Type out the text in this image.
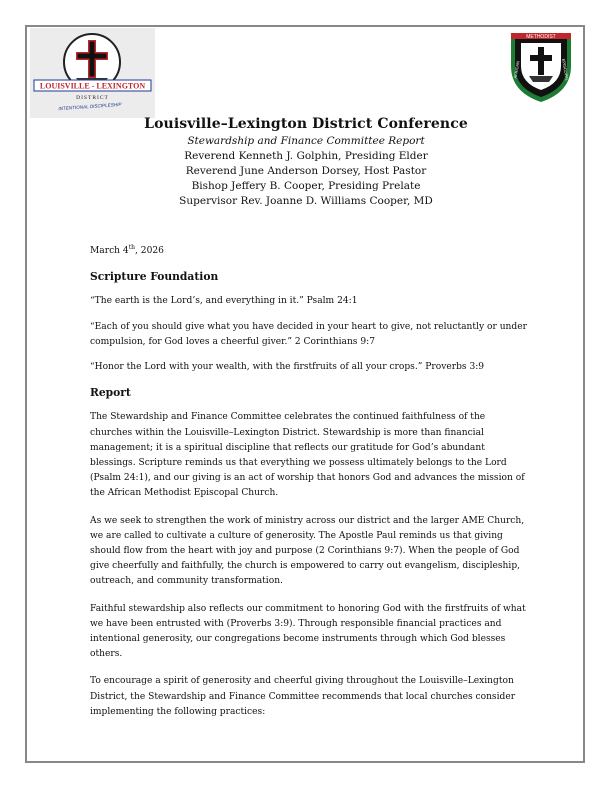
LOUISVILLE - LEXINGTON
DISTRICT
INTENTIONAL DISCIPLESHIP
METHODIST
AFRICAN	EPISCOPAL
Louisville–Lexington District Conference
Stewardship and Finance Committee Report
Reverend Kenneth J. Golphin, Presiding Elder
Reverend June Anderson Dorsey, Host Pastor
Bishop Jeffery B. Cooper, Presiding Prelate
Supervisor Rev. Joanne D. Williams Cooper, MD
March 4th, 2026
Scripture Foundation
“The earth is the Lord’s, and everything in it.” Psalm 24:1
“Each of you should give what you have decided in your heart to give, not reluctantly or under compulsion, for God loves a cheerful giver.” 2 Corinthians 9:7
“Honor the Lord with your wealth, with the firstfruits of all your crops.” Proverbs 3:9
Report
The Stewardship and Finance Committee celebrates the continued faithfulness of the churches within the Louisville–Lexington District. Stewardship is more than financial management; it is a spiritual discipline that reflects our gratitude for God’s abundant blessings. Scripture reminds us that everything we possess ultimately belongs to the Lord (Psalm 24:1), and our giving is an act of worship that honors God and advances the mission of the African Methodist Episcopal Church.
As we seek to strengthen the work of ministry across our district and the larger AME Church, we are called to cultivate a culture of generosity. The Apostle Paul reminds us that giving should flow from the heart with joy and purpose (2 Corinthians 9:7). When the people of God give cheerfully and faithfully, the church is empowered to carry out evangelism, discipleship, outreach, and community transformation.
Faithful stewardship also reflects our commitment to honoring God with the firstfruits of what we have been entrusted with (Proverbs 3:9). Through responsible financial practices and intentional generosity, our congregations become instruments through which God blesses others.
To encourage a spirit of generosity and cheerful giving throughout the Louisville–Lexington District, the Stewardship and Finance Committee recommends that local churches consider implementing the following practices:
